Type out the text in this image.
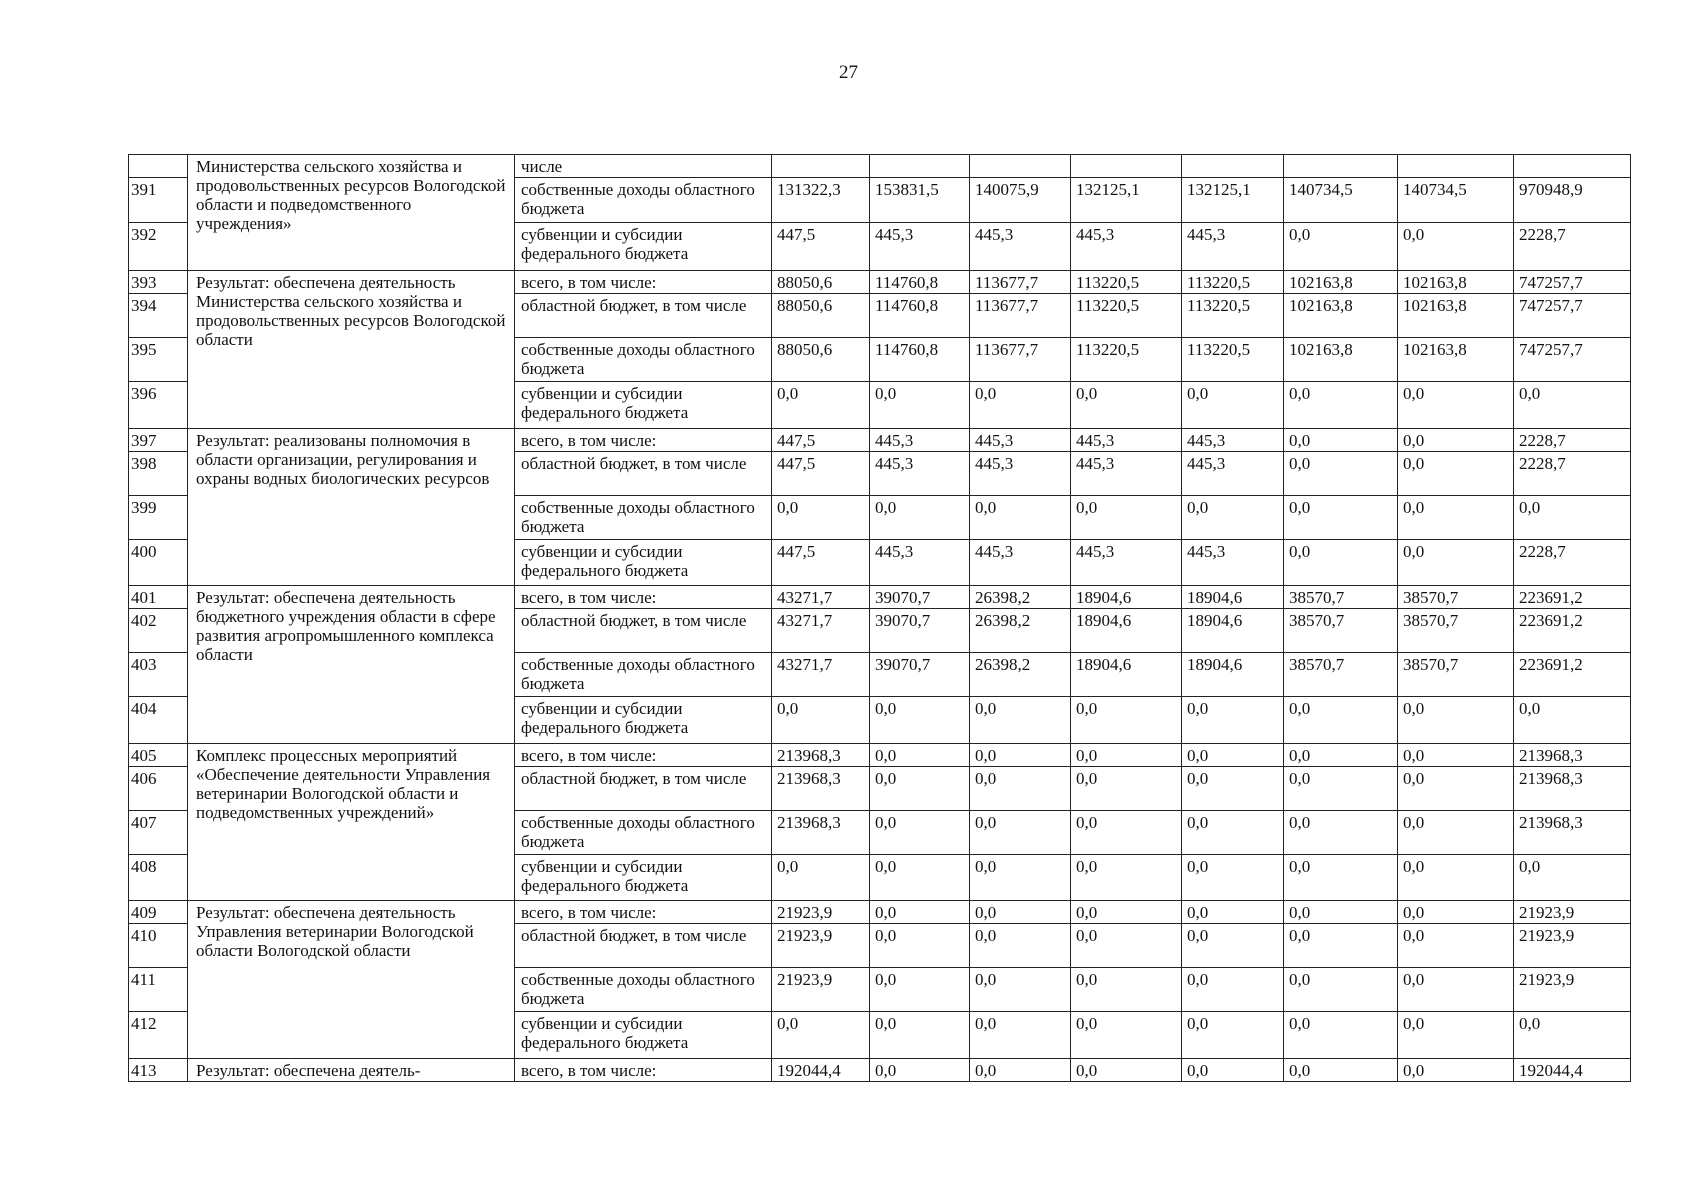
27
	Министерства сельского хозяйства и продовольственных ресурсов Вологодской области и подведомственного учреждения»	числе								
391		собственные доходы областного бюджета	131322,3	153831,5	140075,9	132125,1	132125,1	140734,5	140734,5	970948,9
392		субвенции и субсидии федерального бюджета	447,5	445,3	445,3	445,3	445,3	0,0	0,0	2228,7
393	Результат: обеспечена деятельность Министерства сельского хозяйства и продовольственных ресурсов Вологодской области	всего, в том числе:	88050,6	114760,8	113677,7	113220,5	113220,5	102163,8	102163,8	747257,7
394		областной бюджет, в том числе	88050,6	114760,8	113677,7	113220,5	113220,5	102163,8	102163,8	747257,7
395		собственные доходы областного бюджета	88050,6	114760,8	113677,7	113220,5	113220,5	102163,8	102163,8	747257,7
396		субвенции и субсидии федерального бюджета	0,0	0,0	0,0	0,0	0,0	0,0	0,0	0,0
397	Результат: реализованы полномочия в области организации, регулирования и охраны водных биологических ресурсов	всего, в том числе:	447,5	445,3	445,3	445,3	445,3	0,0	0,0	2228,7
398		областной бюджет, в том числе	447,5	445,3	445,3	445,3	445,3	0,0	0,0	2228,7
399		собственные доходы областного бюджета	0,0	0,0	0,0	0,0	0,0	0,0	0,0	0,0
400		субвенции и субсидии федерального бюджета	447,5	445,3	445,3	445,3	445,3	0,0	0,0	2228,7
401	Результат: обеспечена деятельность бюджетного учреждения области в сфере развития агропромышленного комплекса области	всего, в том числе:	43271,7	39070,7	26398,2	18904,6	18904,6	38570,7	38570,7	223691,2
402		областной бюджет, в том числе	43271,7	39070,7	26398,2	18904,6	18904,6	38570,7	38570,7	223691,2
403		собственные доходы областного бюджета	43271,7	39070,7	26398,2	18904,6	18904,6	38570,7	38570,7	223691,2
404		субвенции и субсидии федерального бюджета	0,0	0,0	0,0	0,0	0,0	0,0	0,0	0,0
405	Комплекс процессных мероприятий «Обеспечение деятельности Управления ветеринарии Вологодской области и подведомственных учреждений»	всего, в том числе:	213968,3	0,0	0,0	0,0	0,0	0,0	0,0	213968,3
406		областной бюджет, в том числе	213968,3	0,0	0,0	0,0	0,0	0,0	0,0	213968,3
407		собственные доходы областного бюджета	213968,3	0,0	0,0	0,0	0,0	0,0	0,0	213968,3
408		субвенции и субсидии федерального бюджета	0,0	0,0	0,0	0,0	0,0	0,0	0,0	0,0
409	Результат: обеспечена деятельность Управления ветеринарии Вологодской области Вологодской области	всего, в том числе:	21923,9	0,0	0,0	0,0	0,0	0,0	0,0	21923,9
410		областной бюджет, в том числе	21923,9	0,0	0,0	0,0	0,0	0,0	0,0	21923,9
411		собственные доходы областного бюджета	21923,9	0,0	0,0	0,0	0,0	0,0	0,0	21923,9
412		субвенции и субсидии федерального бюджета	0,0	0,0	0,0	0,0	0,0	0,0	0,0	0,0
413	Результат: обеспечена деятель-	всего, в том числе:	192044,4	0,0	0,0	0,0	0,0	0,0	0,0	192044,4
